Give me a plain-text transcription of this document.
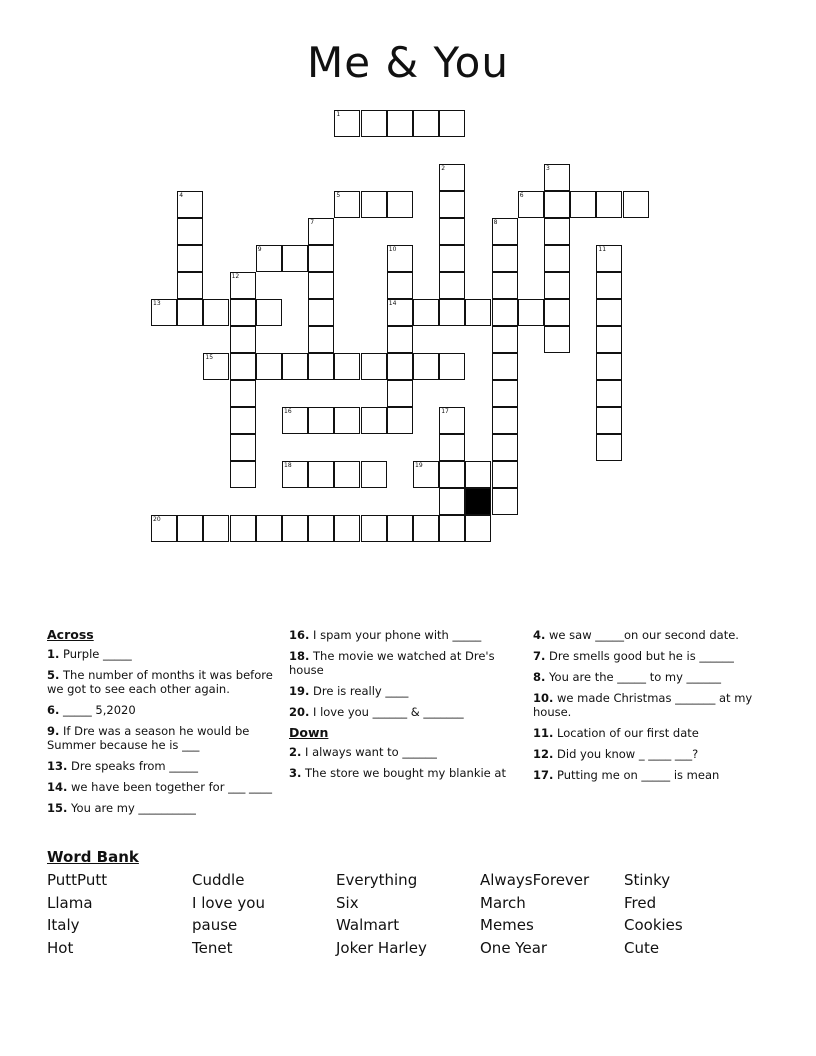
Me & You
1
2	3
4	5	6
7	8
9	10
14
11
12
13
15
16	17
18	19
20
Across
1. Purple _____
5. The number of months it was before we got to see each other again.
6. _____ 5,2020
9. If Dre was a season he would be Summer because he is ___
13. Dre speaks from _____
14. we have been together for ___ ____
15. You are my __________
16. I spam your phone with _____
18. The movie we watched at Dre's house
19. Dre is really ____
20. I love you ______ & _______
Down
2. I always want to ______
3. The store we bought my blankie at
4. we saw _____on our second date.
7. Dre smells good but he is ______
8. You are the _____ to my ______
10. we made Christmas _______ at my house.
11. Location of our first date
12. Did you know _ ____ ___?
17. Putting me on _____ is mean
Word Bank
PuttPutt
Llama
Italy
Hot
Cuddle
I love you
pause
Tenet
Everything
Six
Walmart
Joker Harley
AlwaysForever
March
Memes
One Year
Stinky
Fred
Cookies
Cute
